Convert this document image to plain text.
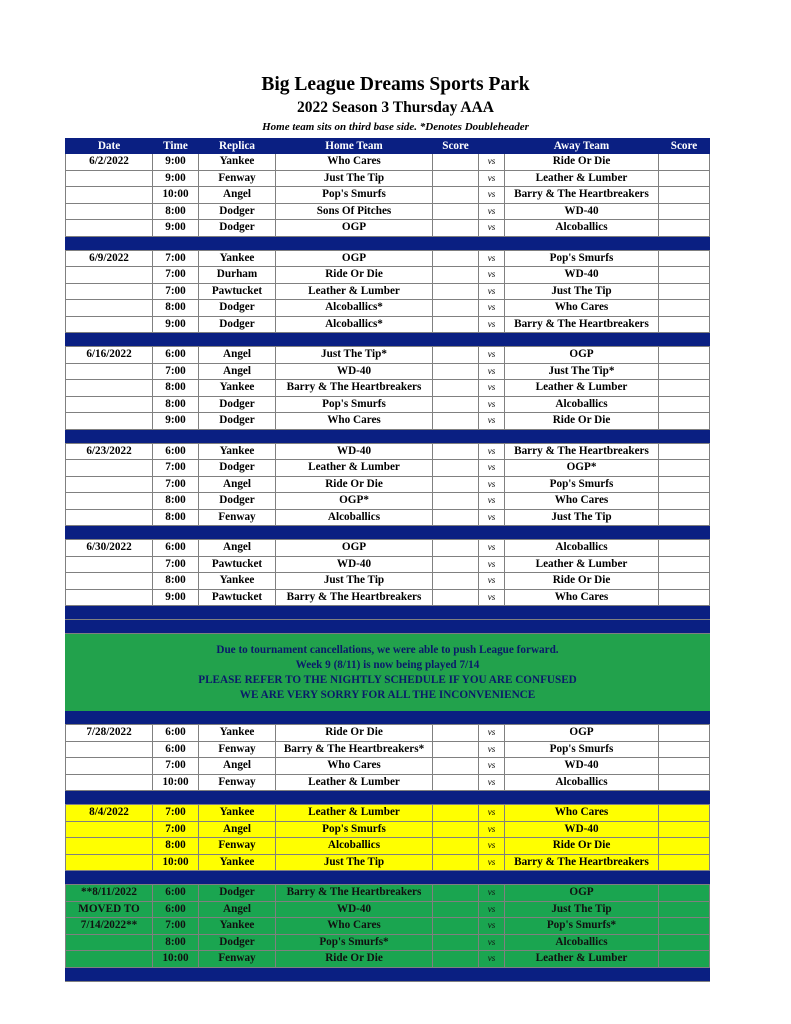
Big League Dreams Sports Park
2022 Season 3 Thursday AAA
Home team sits on third base side. *Denotes Doubleheader
Date	Time	Replica	Home Team	Score		Away Team	Score
6/2/2022	9:00	Yankee	Who Cares		vs	Ride Or Die	
	9:00	Fenway	Just The Tip		vs	Leather & Lumber	
	10:00	Angel	Pop's Smurfs		vs	Barry & The Heartbreakers	
	8:00	Dodger	Sons Of Pitches		vs	WD-40	
	9:00	Dodger	OGP		vs	Alcoballics	

6/9/2022	7:00	Yankee	OGP		vs	Pop's Smurfs	
	7:00	Durham	Ride Or Die		vs	WD-40	
	7:00	Pawtucket	Leather & Lumber		vs	Just The Tip	
	8:00	Dodger	Alcoballics*		vs	Who Cares	
	9:00	Dodger	Alcoballics*		vs	Barry & The Heartbreakers	

6/16/2022	6:00	Angel	Just The Tip*		vs	OGP	
	7:00	Angel	WD-40		vs	Just The Tip*	
	8:00	Yankee	Barry & The Heartbreakers		vs	Leather & Lumber	
	8:00	Dodger	Pop's Smurfs		vs	Alcoballics	
	9:00	Dodger	Who Cares		vs	Ride Or Die	

6/23/2022	6:00	Yankee	WD-40		vs	Barry & The Heartbreakers	
	7:00	Dodger	Leather & Lumber		vs	OGP*	
	7:00	Angel	Ride Or Die		vs	Pop's Smurfs	
	8:00	Dodger	OGP*		vs	Who Cares	
	8:00	Fenway	Alcoballics		vs	Just The Tip	

6/30/2022	6:00	Angel	OGP		vs	Alcoballics	
	7:00	Pawtucket	WD-40		vs	Leather & Lumber	
	8:00	Yankee	Just The Tip		vs	Ride Or Die	
	9:00	Pawtucket	Barry & The Heartbreakers		vs	Who Cares	

Due to tournament cancellations, we were able to push League forward.
Week 9 (8/11) is now being played 7/14
PLEASE REFER TO THE NIGHTLY SCHEDULE IF YOU ARE CONFUSED
WE ARE VERY SORRY FOR ALL THE INCONVENIENCE							

7/28/2022	6:00	Yankee	Ride Or Die		vs	OGP	
	6:00	Fenway	Barry & The Heartbreakers*		vs	Pop's Smurfs	
	7:00	Angel	Who Cares		vs	WD-40	
	10:00	Fenway	Leather & Lumber		vs	Alcoballics	

8/4/2022	7:00	Yankee	Leather & Lumber		vs	Who Cares	
	7:00	Angel	Pop's Smurfs		vs	WD-40	
	8:00	Fenway	Alcoballics		vs	Ride Or Die	
	10:00	Yankee	Just The Tip		vs	Barry & The Heartbreakers	

**8/11/2022	6:00	Dodger	Barry & The Heartbreakers		vs	OGP	
MOVED TO	6:00	Angel	WD-40		vs	Just The Tip	
7/14/2022**	7:00	Yankee	Who Cares		vs	Pop's Smurfs*	
	8:00	Dodger	Pop's Smurfs*		vs	Alcoballics	
	10:00	Fenway	Ride Or Die		vs	Leather & Lumber	
